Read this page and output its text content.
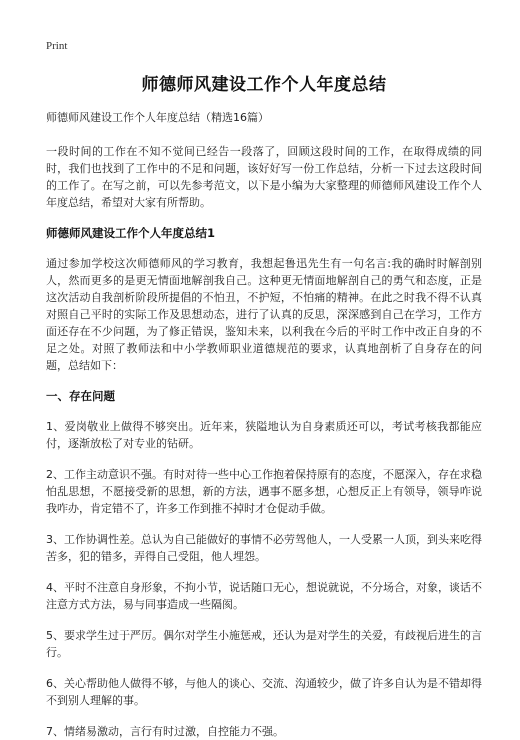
Print
师德师风建设工作个人年度总结
师德师风建设工作个人年度总结（精选16篇）

一段时间的工作在不知不觉间已经告一段落了，回顾这段时间的工作，在取得成绩的同时，我们也找到了工作中的不足和问题，该好好写一份工作总结，分析一下过去这段时间的工作了。在写之前，可以先参考范文，以下是小编为大家整理的师德师风建设工作个人年度总结，希望对大家有所帮助。

师德师风建设工作个人年度总结1

通过参加学校这次师德师风的学习教育，我想起鲁迅先生有一句名言:我的确时时解剖别人，然而更多的是更无情面地解剖我自己。这种更无情面地解剖自己的勇气和态度，正是这次活动自我剖析阶段所提倡的不怕丑，不护短，不怕痛的精神。在此之时我不得不认真对照自己平时的实际工作及思想动态，进行了认真的反思，深深感到自己在学习，工作方面还存在不少问题，为了修正错误，鉴知未来，以利我在今后的平时工作中改正自身的不足之处。对照了教师法和中小学教师职业道德规范的要求，认真地剖析了自身存在的问题，总结如下：

一、存在问题

1、爱岗敬业上做得不够突出。近年来，狭隘地认为自身素质还可以，考试考核我都能应付，逐渐放松了对专业的钻研。

2、工作主动意识不强。有时对待一些中心工作抱着保持原有的态度，不愿深入，存在求稳怕乱思想，不愿接受新的思想，新的方法，遇事不愿多想，心想反正上有领导，领导咋说我咋办，肯定错不了，许多工作到推不掉时才仓促动手做。

3、工作协调性差。总认为自己能做好的事情不必劳驾他人，一人受累一人顶，到头来吃得苦多，犯的错多，弄得自己受阻，他人埋怨。

4、平时不注意自身形象，不拘小节，说话随口无心，想说就说，不分场合，对象，谈话不注意方式方法，易与同事造成一些隔阂。

5、要求学生过于严厉。偶尔对学生小施惩戒，还认为是对学生的关爱，有歧视后进生的言行。

6、关心帮助他人做得不够，与他人的谈心、交流、沟通较少，做了许多自认为是不错却得不到别人理解的事。

7、情绪易激动，言行有时过激，自控能力不强。
